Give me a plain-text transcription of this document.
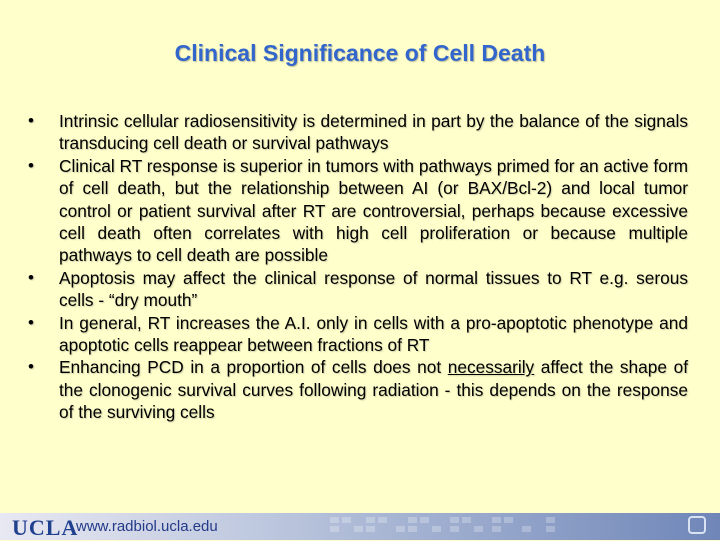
Clinical Significance of Cell Death
• Intrinsic cellular radiosensitivity is determined in part by the balance of the signals transducing cell death or survival pathways
• Clinical RT response is superior in tumors with pathways primed for an active form of cell death, but the relationship between AI (or BAX/Bcl-2) and local tumor control or patient survival after RT are controversial, perhaps because excessive cell death often correlates with high cell proliferation or because multiple pathways to cell death are possible
• Apoptosis may affect the clinical response of normal tissues to RT e.g. serous cells - “dry mouth”
• In general, RT increases the A.I. only in cells with a pro-apoptotic phenotype and apoptotic cells reappear between fractions of RT
• Enhancing PCD in a proportion of cells does not necessarily affect the shape of the clonogenic survival curves following radiation - this depends on the response of the surviving cells
UCLA
www.radbiol.ucla.edu
